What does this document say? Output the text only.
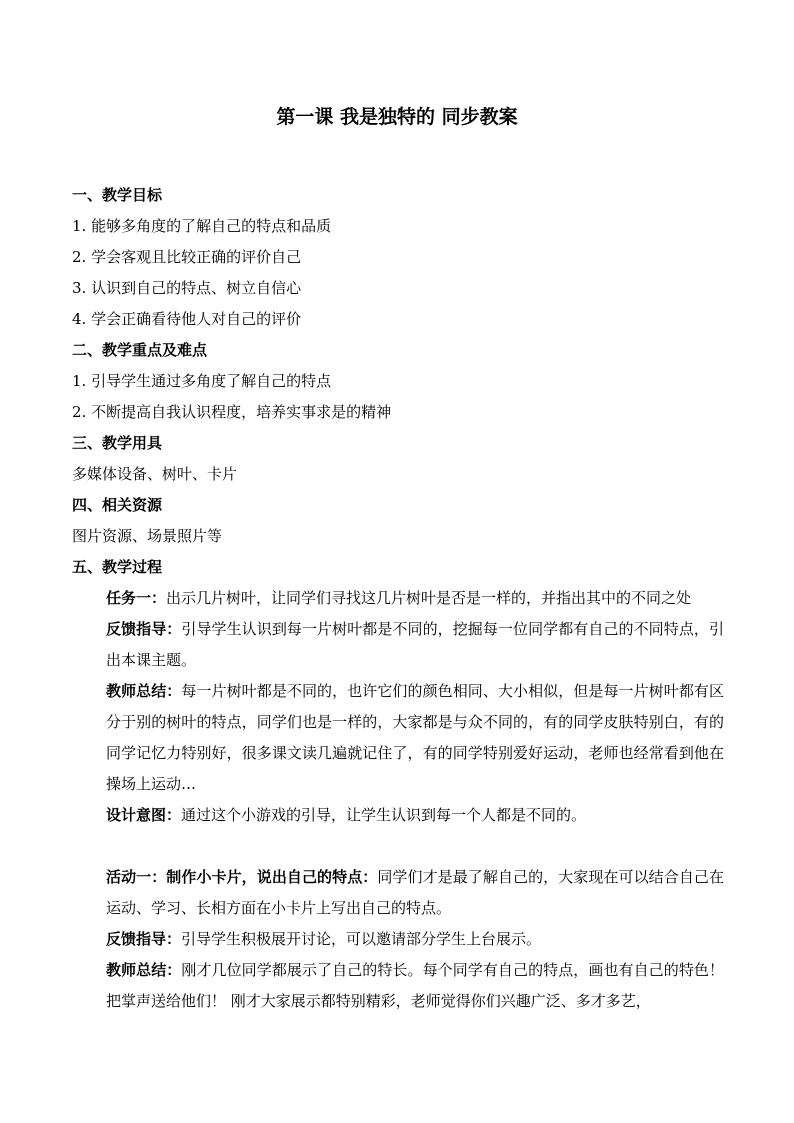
第一课 我是独特的 同步教案

一、教学目标

1. 能够多角度的了解自己的特点和品质

2. 学会客观且比较正确的评价自己

3. 认识到自己的特点、树立自信心

4. 学会正确看待他人对自己的评价

二、教学重点及难点

1. 引导学生通过多角度了解自己的特点

2. 不断提高自我认识程度，培养实事求是的精神

三、教学用具

多媒体设备、树叶、卡片

四、相关资源

图片资源、场景照片等

五、教学过程

任务一：出示几片树叶，让同学们寻找这几片树叶是否是一样的，并指出其中的不同之处

反馈指导：引导学生认识到每一片树叶都是不同的，挖掘每一位同学都有自己的不同特点，引出本课主题。

教师总结：每一片树叶都是不同的，也许它们的颜色相同、大小相似，但是每一片树叶都有区分于别的树叶的特点，同学们也是一样的，大家都是与众不同的，有的同学皮肤特别白，有的同学记忆力特别好，很多课文读几遍就记住了，有的同学特别爱好运动，老师也经常看到他在操场上运动…

设计意图：通过这个小游戏的引导，让学生认识到每一个人都是不同的。

活动一：制作小卡片，说出自己的特点：同学们才是最了解自己的，大家现在可以结合自己在运动、学习、长相方面在小卡片上写出自己的特点。

反馈指导：引导学生积极展开讨论，可以邀请部分学生上台展示。

教师总结：刚才几位同学都展示了自己的特长。每个同学有自己的特点，画也有自己的特色！把掌声送给他们！ 刚才大家展示都特别精彩，老师觉得你们兴趣广泛、多才多艺，
